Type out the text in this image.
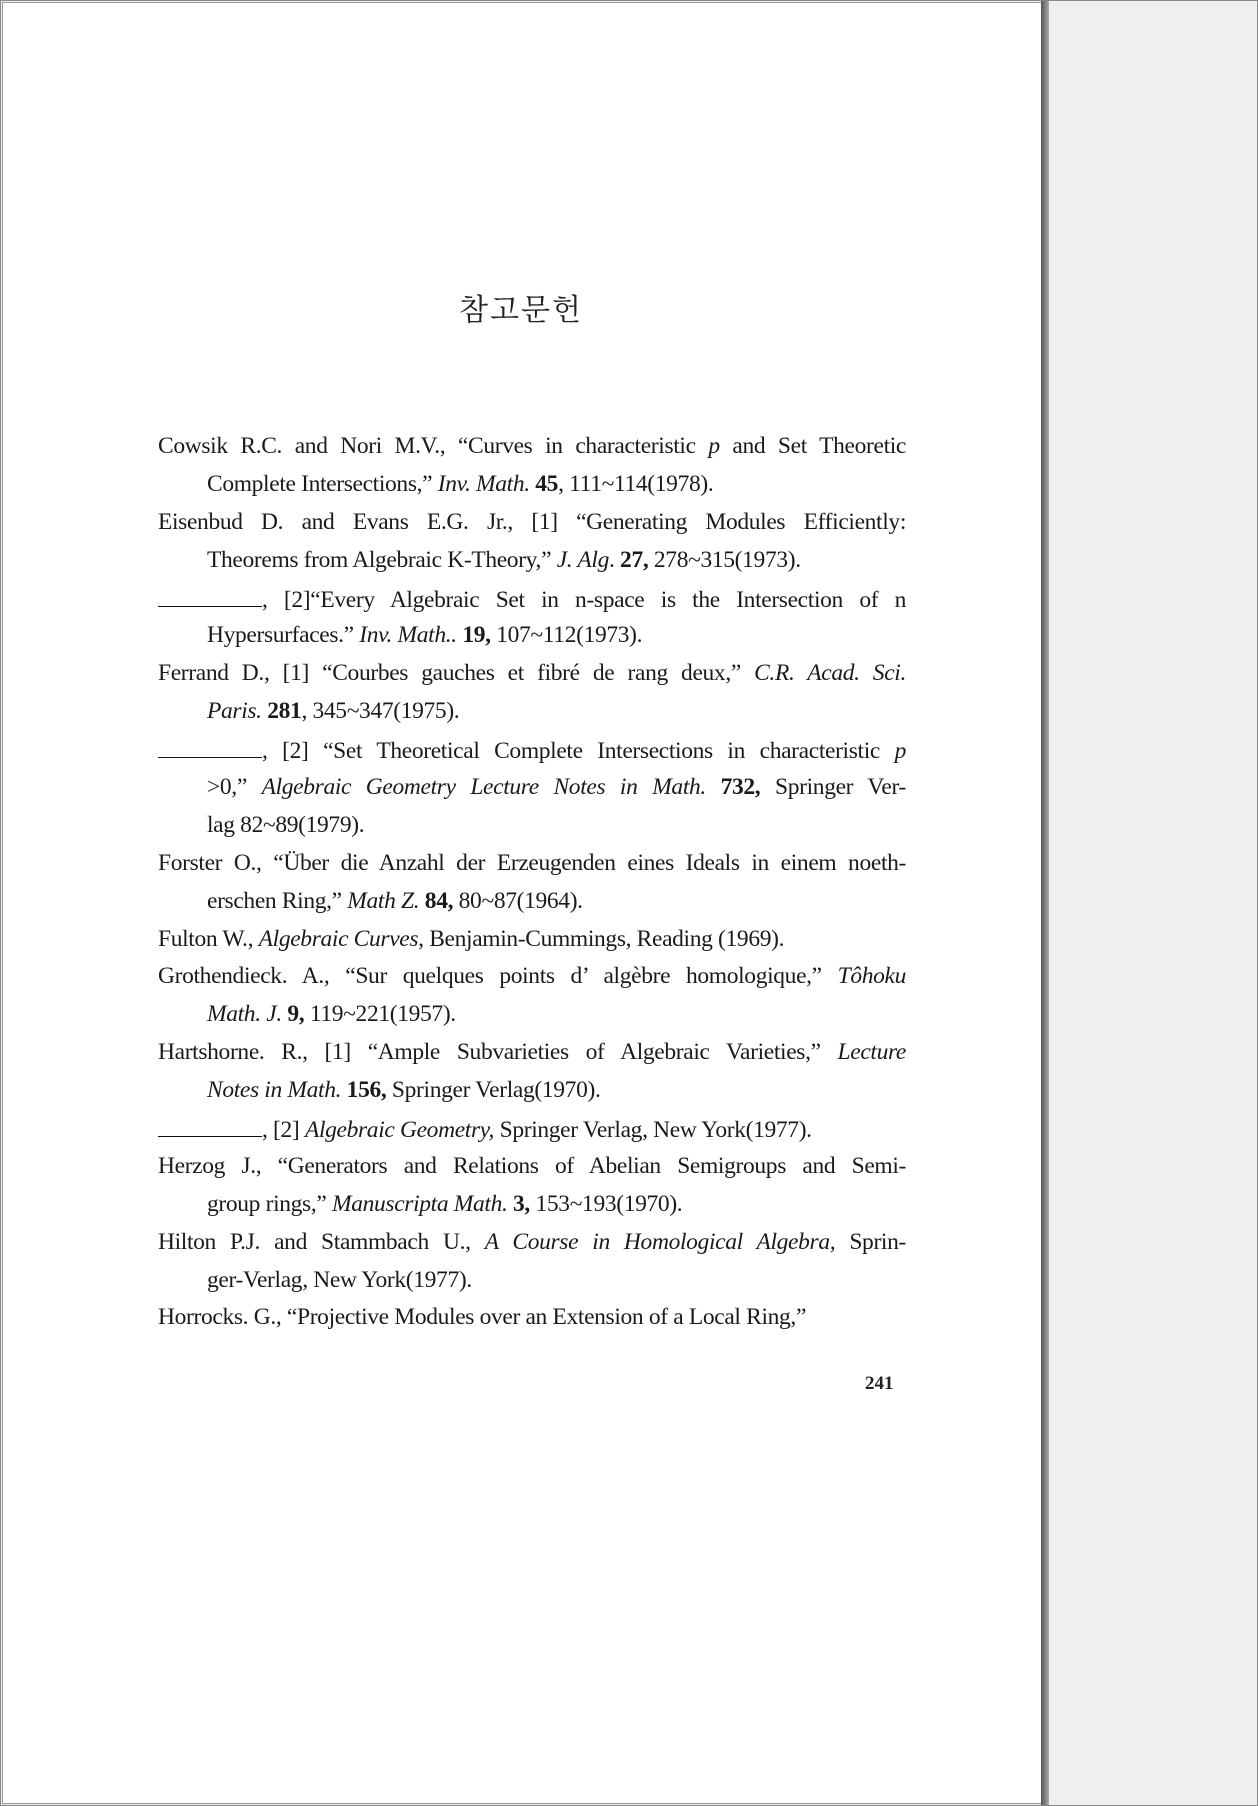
참고문헌
Cowsik R.C. and Nori M.V., “Curves in characteristic p and Set Theoretic
Complete Intersections,” Inv. Math. 45, 111~114(1978).
Eisenbud D. and Evans E.G. Jr., [1] “Generating Modules Efficiently:
Theorems from Algebraic K-Theory,” J. Alg. 27, 278~315(1973).
, [2]“Every Algebraic Set in n-space is the Intersection of n
Hypersurfaces.” Inv. Math.. 19, 107~112(1973).
Ferrand D., [1] “Courbes gauches et fibré de rang deux,” C.R. Acad. Sci.
Paris. 281, 345~347(1975).
, [2] “Set Theoretical Complete Intersections in characteristic p
>0,” Algebraic Geometry Lecture Notes in Math. 732, Springer Ver-
lag 82~89(1979).
Forster O., “Über die Anzahl der Erzeugenden eines Ideals in einem noeth-
erschen Ring,” Math Z. 84, 80~87(1964).
Fulton W., Algebraic Curves, Benjamin-Cummings, Reading (1969).
Grothendieck. A., “Sur quelques points d’ algèbre homologique,” Tôhoku
Math. J. 9, 119~221(1957).
Hartshorne. R., [1] “Ample Subvarieties of Algebraic Varieties,” Lecture
Notes in Math. 156, Springer Verlag(1970).
, [2] Algebraic Geometry, Springer Verlag, New York(1977).
Herzog J., “Generators and Relations of Abelian Semigroups and Semi-
group rings,” Manuscripta Math. 3, 153~193(1970).
Hilton P.J. and Stammbach U., A Course in Homological Algebra, Sprin-
ger-Verlag, New York(1977).
Horrocks. G., “Projective Modules over an Extension of a Local Ring,”
241
